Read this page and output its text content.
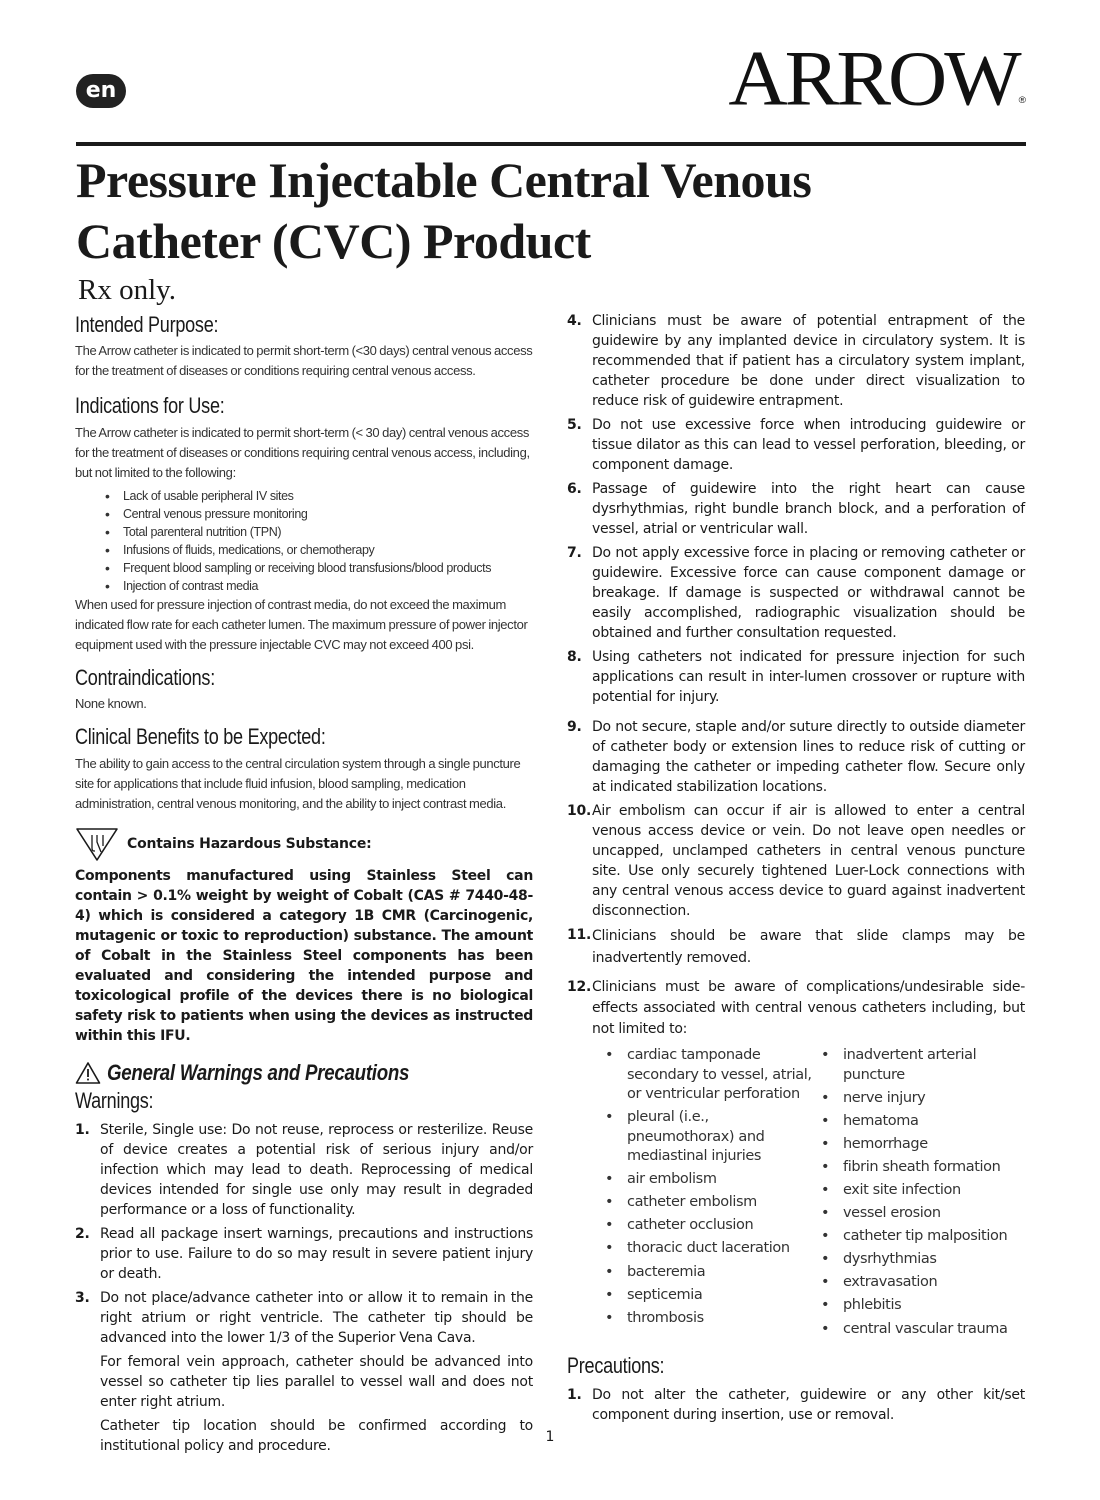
en	ARROW®
Pressure Injectable Central Venous
Catheter (CVC) Product

Rx only.

Intended Purpose:

The Arrow catheter is indicated to permit short-term (<30 days) central venous access for the treatment of diseases or conditions requiring central venous access.

Indications for Use:

The Arrow catheter is indicated to permit short-term (< 30 day) central venous access for the treatment of diseases or conditions requiring central venous access, including, but not limited to the following:

• Lack of usable peripheral IV sites
• Central venous pressure monitoring
• Total parenteral nutrition (TPN)
• Infusions of fluids, medications, or chemotherapy
• Frequent blood sampling or receiving blood transfusions/blood products
• Injection of contrast media

When used for pressure injection of contrast media, do not exceed the maximum indicated flow rate for each catheter lumen. The maximum pressure of power injector equipment used with the pressure injectable CVC may not exceed 400 psi.

Contraindications:

None known.

Clinical Benefits to be Expected:

The ability to gain access to the central circulation system through a single puncture site for applications that include fluid infusion, blood sampling, medication administration, central venous monitoring, and the ability to inject contrast media.

Contains Hazardous Substance:

Components manufactured using Stainless Steel can contain > 0.1% weight by weight of Cobalt (CAS # 7440-48-4) which is considered a category 1B CMR (Carcinogenic, mutagenic or toxic to reproduction) substance. The amount of Cobalt in the Stainless Steel components has been evaluated and considering the intended purpose and toxicological profile of the devices there is no biological safety risk to patients when using the devices as instructed within this IFU.

General Warnings and Precautions
Warnings:
1. Sterile, Single use: Do not reuse, reprocess or resterilize. Reuse of device creates a potential risk of serious injury and/or infection which may lead to death. Reprocessing of medical devices intended for single use only may result in degraded performance or a loss of functionality.

2. Read all package insert warnings, precautions and instructions prior to use. Failure to do so may result in severe patient injury or death.

3. Do not place/advance catheter into or allow it to remain in the right atrium or right ventricle. The catheter tip should be advanced into the lower 1/3 of the Superior Vena Cava.

For femoral vein approach, catheter should be advanced into vessel so catheter tip lies parallel to vessel wall and does not enter right atrium.

Catheter tip location should be confirmed according to institutional policy and procedure.

4. Clinicians must be aware of potential entrapment of the guidewire by any implanted device in circulatory system. It is recommended that if patient has a circulatory system implant, catheter procedure be done under direct visualization to reduce risk of guidewire entrapment.

5. Do not use excessive force when introducing guidewire or tissue dilator as this can lead to vessel perforation, bleeding, or component damage.

6. Passage of guidewire into the right heart can cause dysrhythmias, right bundle branch block, and a perforation of vessel, atrial or ventricular wall.

7. Do not apply excessive force in placing or removing catheter or guidewire. Excessive force can cause component damage or breakage. If damage is suspected or withdrawal cannot be easily accomplished, radiographic visualization should be obtained and further consultation requested.

8. Using catheters not indicated for pressure injection for such applications can result in inter-lumen crossover or rupture with potential for injury.

9. Do not secure, staple and/or suture directly to outside diameter of catheter body or extension lines to reduce risk of cutting or damaging the catheter or impeding catheter flow. Secure only at indicated stabilization locations.

10. Air embolism can occur if air is allowed to enter a central venous access device or vein. Do not leave open needles or uncapped, unclamped catheters in central venous puncture site. Use only securely tightened Luer-Lock connections with any central venous access device to guard against inadvertent disconnection.

11. Clinicians should be aware that slide clamps may be inadvertently removed.

12. Clinicians must be aware of complications/undesirable side-effects associated with central venous catheters including, but not limited to:

• cardiac tamponade secondary to vessel, atrial, or ventricular perforation
• pleural (i.e., pneumothorax) and mediastinal injuries
• air embolism
• catheter embolism
• catheter occlusion
• thoracic duct laceration
• bacteremia
• septicemia
• thrombosis
• inadvertent arterial puncture
• nerve injury
• hematoma
• hemorrhage
• fibrin sheath formation
• exit site infection
• vessel erosion
• catheter tip malposition
• dysrhythmias
• extravasation
• phlebitis
• central vascular trauma
Precautions:
1. Do not alter the catheter, guidewire or any other kit/set component during insertion, use or removal.

1
